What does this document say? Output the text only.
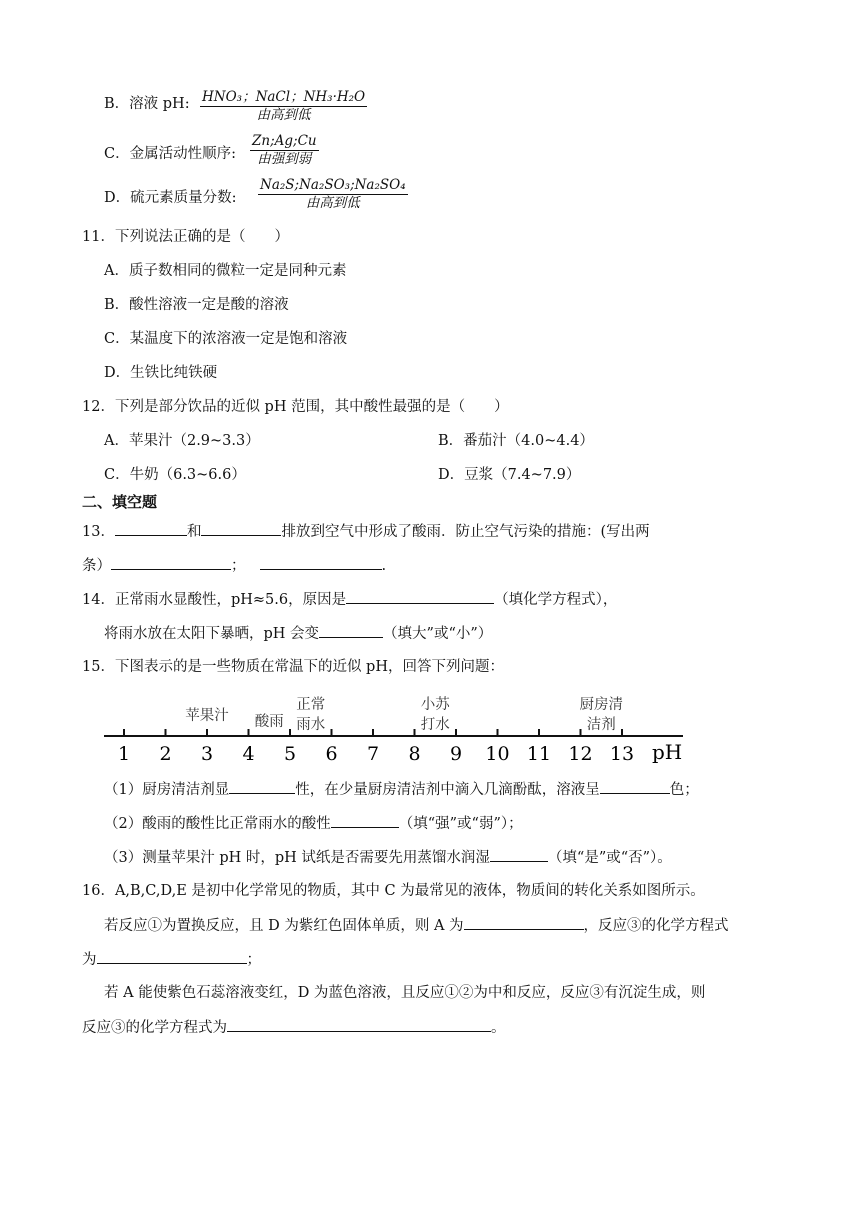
B．溶液 pH: HNO₃；NaCl；NH₃·H₂O
由高到低
C．金属活动性顺序:
Zn;Ag;Cu
由强到弱
D．硫元素质量分数:
Na₂S;Na₂SO₃;Na₂SO₄
由高到低
11．下列说法正确的是（　　）
A．质子数相同的微粒一定是同种元素
B．酸性溶液一定是酸的溶液
C．某温度下的浓溶液一定是饱和溶液
D．生铁比纯铁硬
12．下列是部分饮品的近似 pH 范围，其中酸性最强的是（　　）
A．苹果汁（2.9~3.3）	B．番茄汁（4.0~4.4）
C．牛奶（6.3~6.6）	D．豆浆（7.4~7.9）
二、填空题
13．	和	排放到空气中形成了酸雨．防止空气污染的措施：(写出两
条）	；	.
14．正常雨水显酸性，pH≈5.6，原因是	（填化学方程式），
将雨水放在太阳下暴晒，pH 会变	（填大”或“小”）
15．下图表示的是一些物质在常温下的近似 pH，回答下列问题：
1 2 3 4 5 6 7 8 9 10 11 12 13
苹果汁 酸雨
正常
雨水
小苏
打水
厨房清
洁剂
pH
（1）厨房清洁剂显	性，在少量厨房清洁剂中滴入几滴酚酞，溶液呈	色；
（2）酸雨的酸性比正常雨水的酸性	（填“强”或“弱”）；
（3）测量苹果汁 pH 时，pH 试纸是否需要先用蒸馏水润湿	（填“是”或“否”）。
16．A,B,C,D,E 是初中化学常见的物质，其中 C 为最常见的液体，物质间的转化关系如图所示。
若反应①为置换反应，且 D 为紫红色固体单质，则 A 为	，反应③的化学方程式
为	；
若 A 能使紫色石蕊溶液变红，D 为蓝色溶液，且反应①②为中和反应，反应③有沉淀生成，则
反应③的化学方程式为	。
